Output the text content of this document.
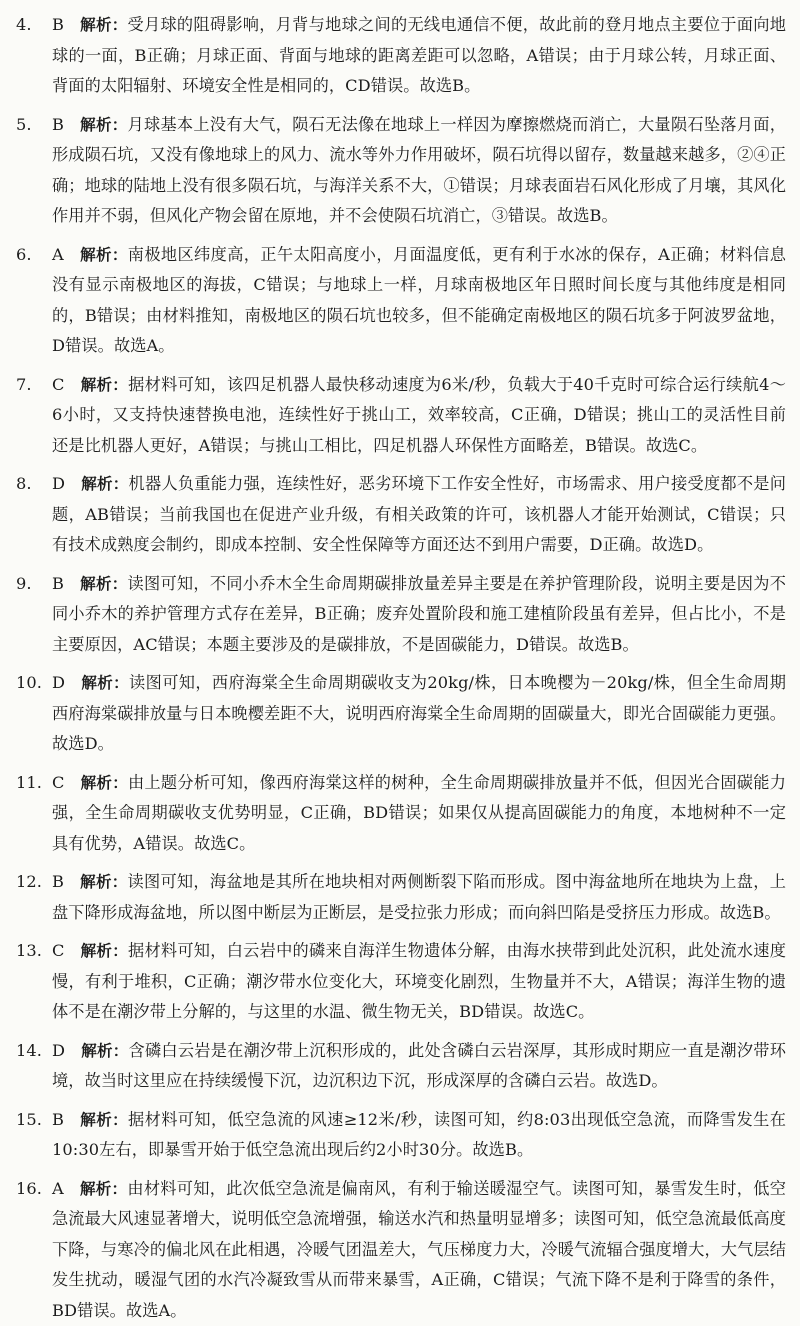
4. B 解析：受月球的阻碍影响，月背与地球之间的无线电通信不便，故此前的登月地点主要位于面向地球的一面，B正确；月球正面、背面与地球的距离差距可以忽略，A错误；由于月球公转，月球正面、背面的太阳辐射、环境安全性是相同的，CD错误。故选B。
5. B 解析：月球基本上没有大气，陨石无法像在地球上一样因为摩擦燃烧而消亡，大量陨石坠落月面，形成陨石坑，又没有像地球上的风力、流水等外力作用破坏，陨石坑得以留存，数量越来越多，②④正确；地球的陆地上没有很多陨石坑，与海洋关系不大，①错误；月球表面岩石风化形成了月壤，其风化作用并不弱，但风化产物会留在原地，并不会使陨石坑消亡，③错误。故选B。
6. A 解析：南极地区纬度高，正午太阳高度小，月面温度低，更有利于水冰的保存，A正确；材料信息没有显示南极地区的海拔，C错误；与地球上一样，月球南极地区年日照时间长度与其他纬度是相同的，B错误；由材料推知，南极地区的陨石坑也较多，但不能确定南极地区的陨石坑多于阿波罗盆地，D错误。故选A。
7. C 解析：据材料可知，该四足机器人最快移动速度为6米/秒，负载大于40千克时可综合运行续航4～6小时，又支持快速替换电池，连续性好于挑山工，效率较高，C正确，D错误；挑山工的灵活性目前还是比机器人更好，A错误；与挑山工相比，四足机器人环保性方面略差，B错误。故选C。
8. D 解析：机器人负重能力强，连续性好，恶劣环境下工作安全性好，市场需求、用户接受度都不是问题，AB错误；当前我国也在促进产业升级，有相关政策的许可，该机器人才能开始测试，C错误；只有技术成熟度会制约，即成本控制、安全性保障等方面还达不到用户需要，D正确。故选D。
9. B 解析：读图可知，不同小乔木全生命周期碳排放量差异主要是在养护管理阶段，说明主要是因为不同小乔木的养护管理方式存在差异，B正确；废弃处置阶段和施工建植阶段虽有差异，但占比小，不是主要原因，AC错误；本题主要涉及的是碳排放，不是固碳能力，D错误。故选B。
10. D 解析：读图可知，西府海棠全生命周期碳收支为20kg/株，日本晚樱为－20kg/株，但全生命周期西府海棠碳排放量与日本晚樱差距不大，说明西府海棠全生命周期的固碳量大，即光合固碳能力更强。故选D。
11. C 解析：由上题分析可知，像西府海棠这样的树种，全生命周期碳排放量并不低，但因光合固碳能力强，全生命周期碳收支优势明显，C正确，BD错误；如果仅从提高固碳能力的角度，本地树种不一定具有优势，A错误。故选C。
12. B 解析：读图可知，海盆地是其所在地块相对两侧断裂下陷而形成。图中海盆地所在地块为上盘，上盘下降形成海盆地，所以图中断层为正断层，是受拉张力形成；而向斜凹陷是受挤压力形成。故选B。
13. C 解析：据材料可知，白云岩中的磷来自海洋生物遗体分解，由海水挟带到此处沉积，此处流水速度慢，有利于堆积，C正确；潮汐带水位变化大，环境变化剧烈，生物量并不大，A错误；海洋生物的遗体不是在潮汐带上分解的，与这里的水温、微生物无关，BD错误。故选C。
14. D 解析：含磷白云岩是在潮汐带上沉积形成的，此处含磷白云岩深厚，其形成时期应一直是潮汐带环境，故当时这里应在持续缓慢下沉，边沉积边下沉，形成深厚的含磷白云岩。故选D。
15. B 解析：据材料可知，低空急流的风速≥12米/秒，读图可知，约8:03出现低空急流，而降雪发生在10:30左右，即暴雪开始于低空急流出现后约2小时30分。故选B。
16. A 解析：由材料可知，此次低空急流是偏南风，有利于输送暖湿空气。读图可知，暴雪发生时，低空急流最大风速显著增大，说明低空急流增强，输送水汽和热量明显增多；读图可知，低空急流最低高度下降，与寒冷的偏北风在此相遇，冷暖气团温差大，气压梯度力大，冷暖气流辐合强度增大，大气层结发生扰动，暖湿气团的水汽冷凝致雪从而带来暴雪，A正确，C错误；气流下降不是利于降雪的条件，BD错误。故选A。
